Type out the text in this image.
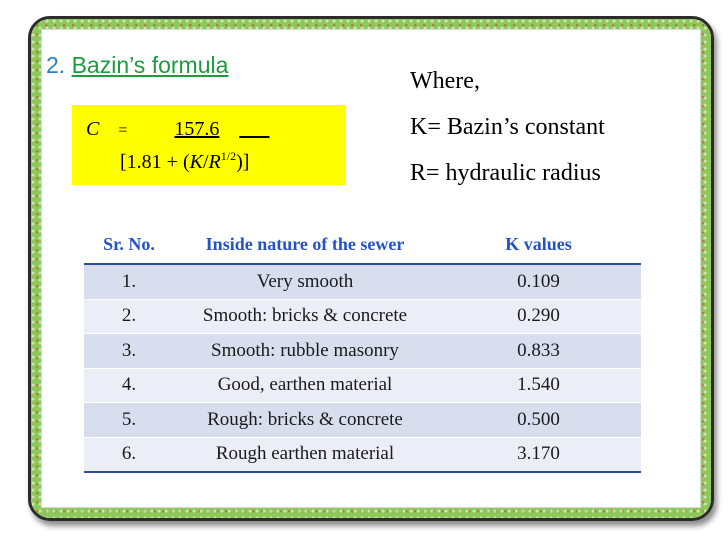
2. Bazin’s formula
C = 157.6 ___
$[1.81 + (K/R^{1/2})]$
Where,
K= Bazin’s constant
R= hydraulic radius
Sr. No.	Inside nature of the sewer	K values
1.	Very smooth	0.109
2.	Smooth: bricks & concrete	0.290
3.	Smooth: rubble masonry	0.833
4.	Good, earthen material	1.540
5.	Rough: bricks & concrete	0.500
6.	Rough earthen material	3.170
